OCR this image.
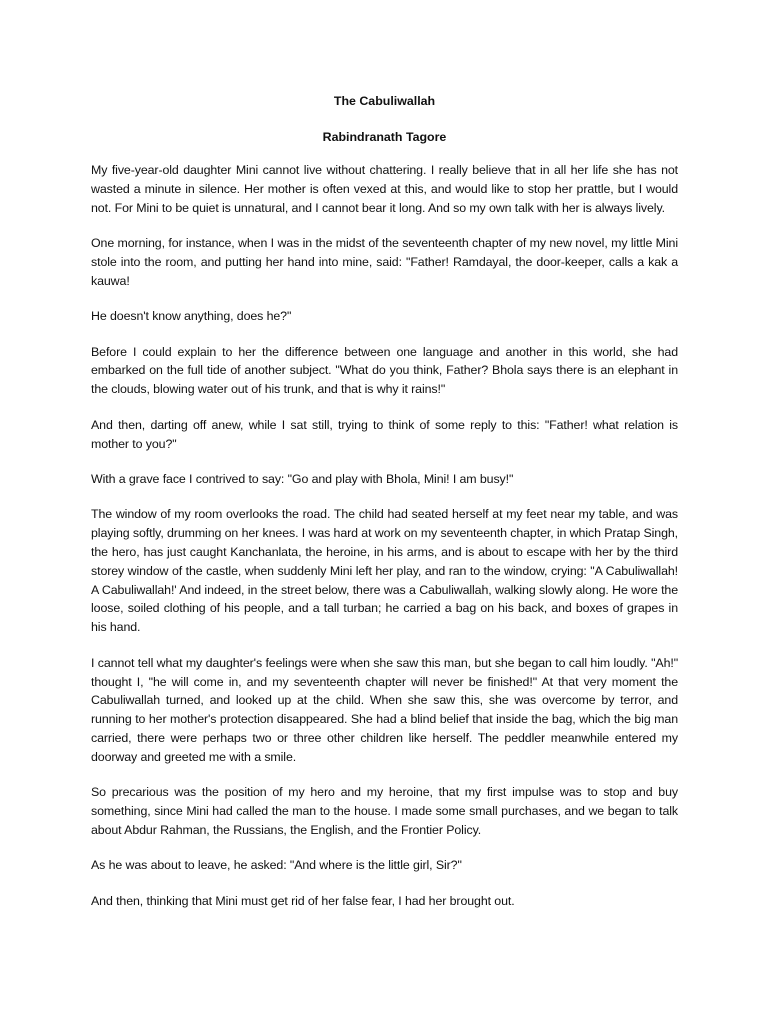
The Cabuliwallah
Rabindranath Tagore

My five-year-old daughter Mini cannot live without chattering. I really believe that in all her life she has not wasted a minute in silence. Her mother is often vexed at this, and would like to stop her prattle, but I would not. For Mini to be quiet is unnatural, and I cannot bear it long. And so my own talk with her is always lively.

One morning, for instance, when I was in the midst of the seventeenth chapter of my new novel, my little Mini stole into the room, and putting her hand into mine, said: "Father! Ramdayal, the door-keeper, calls a kak a kauwa!

He doesn't know anything, does he?"

Before I could explain to her the difference between one language and another in this world, she had embarked on the full tide of another subject. "What do you think, Father? Bhola says there is an elephant in the clouds, blowing water out of his trunk, and that is why it rains!"

And then, darting off anew, while I sat still, trying to think of some reply to this: "Father! what relation is mother to you?"

With a grave face I contrived to say: "Go and play with Bhola, Mini! I am busy!"

The window of my room overlooks the road. The child had seated herself at my feet near my table, and was playing softly, drumming on her knees. I was hard at work on my seventeenth chapter, in which Pratap Singh, the hero, has just caught Kanchanlata, the heroine, in his arms, and is about to escape with her by the third storey window of the castle, when suddenly Mini left her play, and ran to the window, crying: "A Cabuliwallah! A Cabuliwallah!' And indeed, in the street below, there was a Cabuliwallah, walking slowly along. He wore the loose, soiled clothing of his people, and a tall turban; he carried a bag on his back, and boxes of grapes in his hand.

I cannot tell what my daughter's feelings were when she saw this man, but she began to call him loudly. "Ah!" thought I, "he will come in, and my seventeenth chapter will never be finished!" At that very moment the Cabuliwallah turned, and looked up at the child. When she saw this, she was overcome by terror, and running to her mother's protection disappeared. She had a blind belief that inside the bag, which the big man carried, there were perhaps two or three other children like herself. The peddler meanwhile entered my doorway and greeted me with a smile.

So precarious was the position of my hero and my heroine, that my first impulse was to stop and buy something, since Mini had called the man to the house. I made some small purchases, and we began to talk about Abdur Rahman, the Russians, the English, and the Frontier Policy.

As he was about to leave, he asked: "And where is the little girl, Sir?"

And then, thinking that Mini must get rid of her false fear, I had her brought out.
